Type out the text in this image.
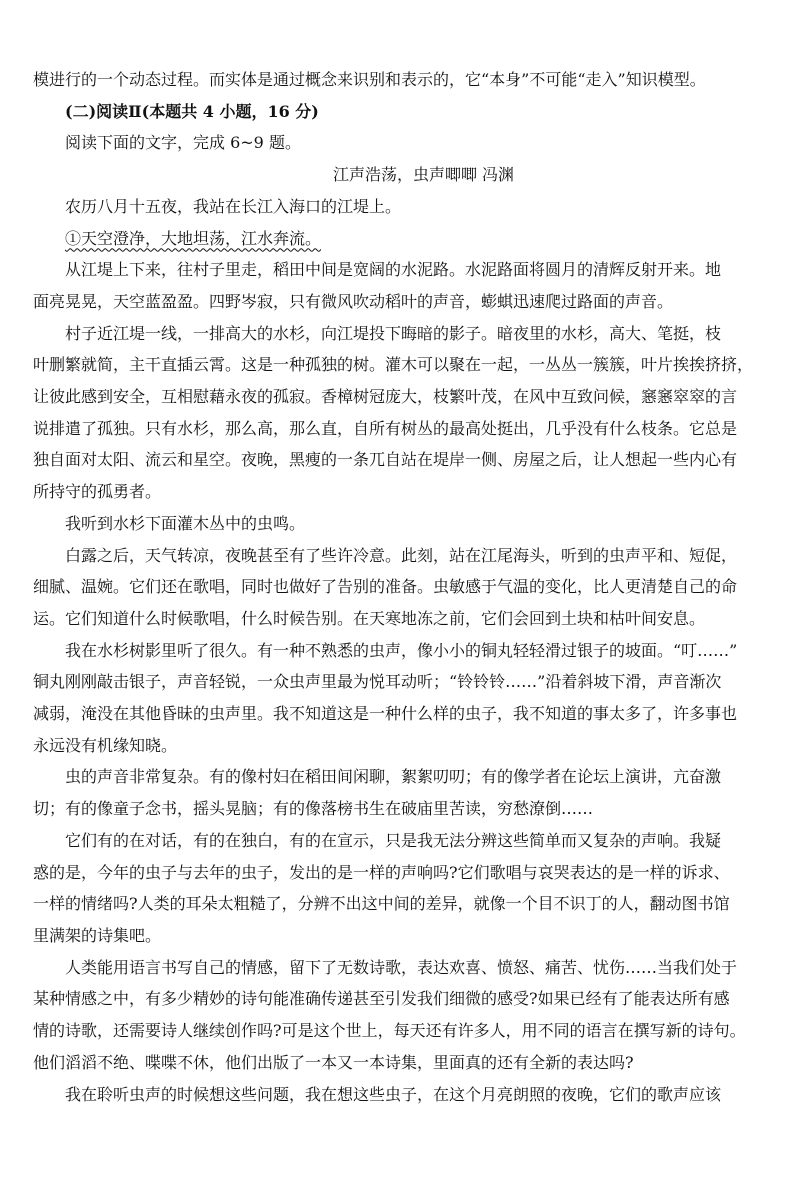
模进行的一个动态过程。而实体是通过概念来识别和表示的，它“本身”不可能“走入”知识模型。

(二)阅读Ⅱ(本题共 4 小题，16 分)

阅读下面的文字，完成 6~9 题。

江声浩荡，虫声唧唧 冯渊

农历八月十五夜，我站在长江入海口的江堤上。

①天空澄净，大地坦荡，江水奔流。

从江堤上下来，往村子里走，稻田中间是宽阔的水泥路。水泥路面将圆月的清辉反射开来。地

面亮晃晃，天空蓝盈盈。四野岑寂，只有微风吹动稻叶的声音，蟛蜞迅速爬过路面的声音。

村子近江堤一线，一排高大的水杉，向江堤投下晦暗的影子。暗夜里的水杉，高大、笔挺，枝

叶删繁就简，主干直插云霄。这是一种孤独的树。灌木可以聚在一起，一丛丛一簇簇，叶片挨挨挤挤，

让彼此感到安全，互相慰藉永夜的孤寂。香樟树冠庞大，枝繁叶茂，在风中互致问候，窸窸窣窣的言

说排遣了孤独。只有水杉，那么高，那么直，自所有树丛的最高处挺出，几乎没有什么枝条。它总是

独自面对太阳、流云和星空。夜晚，黑瘦的一条兀自站在堤岸一侧、房屋之后，让人想起一些内心有

所持守的孤勇者。

我听到水杉下面灌木丛中的虫鸣。

白露之后，天气转凉，夜晚甚至有了些许冷意。此刻，站在江尾海头，听到的虫声平和、短促，

细腻、温婉。它们还在歌唱，同时也做好了告别的准备。虫敏感于气温的变化，比人更清楚自己的命

运。它们知道什么时候歌唱，什么时候告别。在天寒地冻之前，它们会回到土块和枯叶间安息。

我在水杉树影里听了很久。有一种不熟悉的虫声，像小小的铜丸轻轻滑过银子的坡面。“叮……”

铜丸刚刚敲击银子，声音轻锐，一众虫声里最为悦耳动听；“铃铃铃……”沿着斜坡下滑，声音渐次

减弱，淹没在其他昏昧的虫声里。我不知道这是一种什么样的虫子，我不知道的事太多了，许多事也

永远没有机缘知晓。

虫的声音非常复杂。有的像村妇在稻田间闲聊，絮絮叨叨；有的像学者在论坛上演讲，亢奋激

切；有的像童子念书，摇头晃脑；有的像落榜书生在破庙里苦读，穷愁潦倒……

它们有的在对话，有的在独白，有的在宣示，只是我无法分辨这些简单而又复杂的声响。我疑

惑的是，今年的虫子与去年的虫子，发出的是一样的声响吗?它们歌唱与哀哭表达的是一样的诉求、

一样的情绪吗?人类的耳朵太粗糙了，分辨不出这中间的差异，就像一个目不识丁的人，翻动图书馆

里满架的诗集吧。

人类能用语言书写自己的情感，留下了无数诗歌，表达欢喜、愤怒、痛苦、忧伤……当我们处于

某种情感之中，有多少精妙的诗句能准确传递甚至引发我们细微的感受?如果已经有了能表达所有感

情的诗歌，还需要诗人继续创作吗?可是这个世上，每天还有许多人，用不同的语言在撰写新的诗句。

他们滔滔不绝、喋喋不休，他们出版了一本又一本诗集，里面真的还有全新的表达吗?

我在聆听虫声的时候想这些问题，我在想这些虫子，在这个月亮朗照的夜晚，它们的歌声应该
